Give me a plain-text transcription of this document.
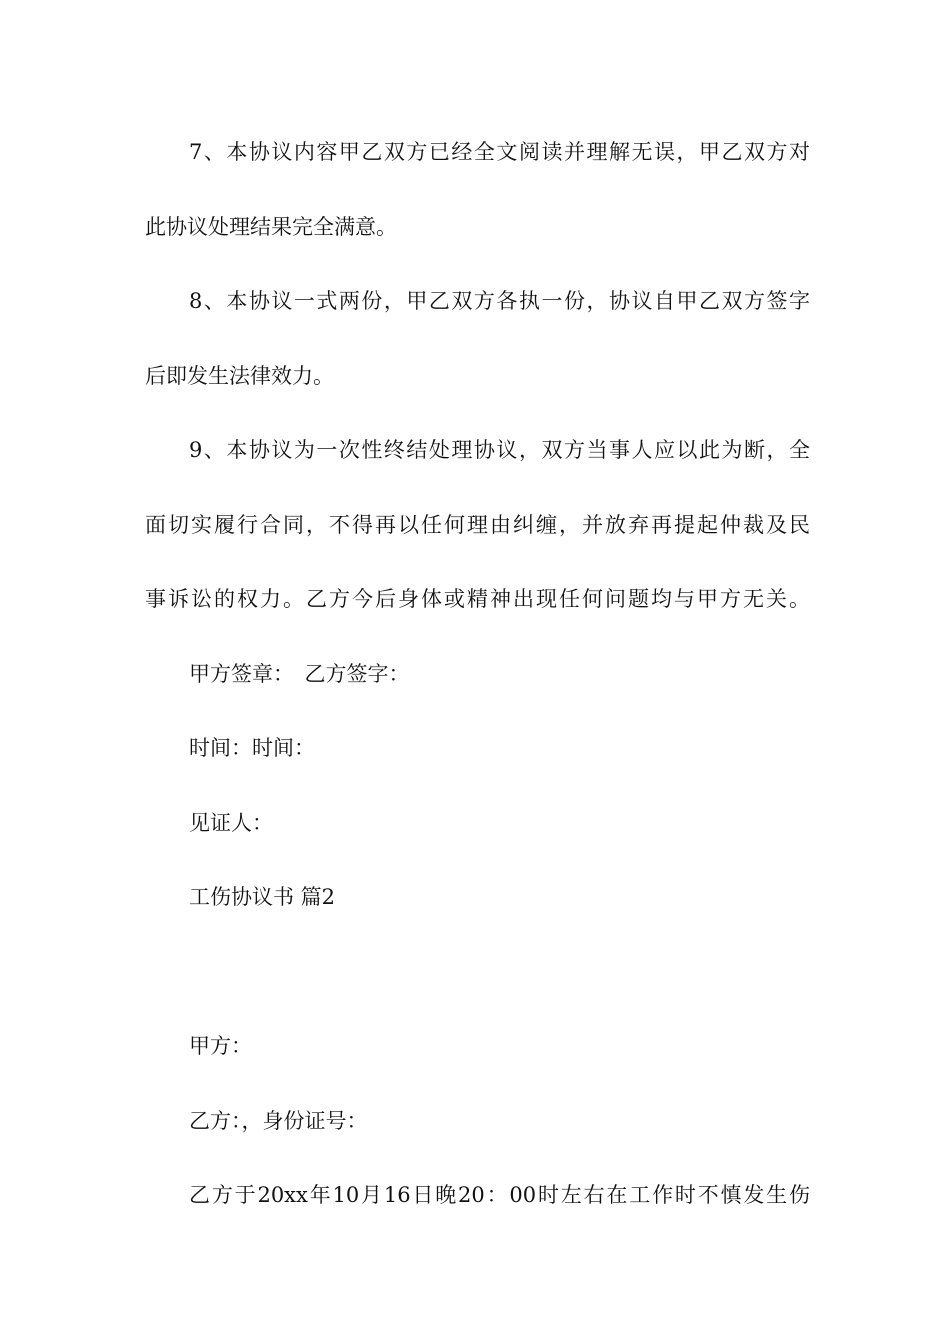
7、本协议内容甲乙双方已经全文阅读并理解无误，甲乙双方对
此协议处理结果完全满意。
8、本协议一式两份，甲乙双方各执一份，协议自甲乙双方签字
后即发生法律效力。
9、本协议为一次性终结处理协议，双方当事人应以此为断，全
面切实履行合同，不得再以任何理由纠缠，并放弃再提起仲裁及民
事诉讼的权力。乙方今后身体或精神出现任何问题均与甲方无关。
甲方签章：　乙方签字：
时间：时间：
见证人：
工伤协议书 篇2
甲方：
乙方：，身份证号：
乙方于20xx年10月16日晚20：00时左右在工作时不慎发生伤
